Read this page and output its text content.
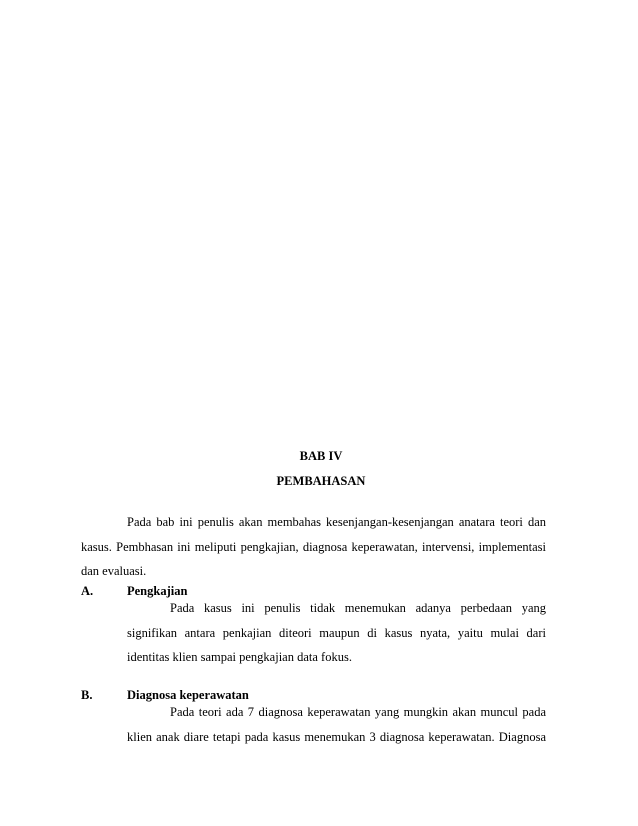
BAB IV
PEMBAHASAN

Pada bab ini penulis akan membahas kesenjangan-kesenjangan anatara teori dan kasus. Pembhasan ini meliputi pengkajian, diagnosa keperawatan, intervensi, implementasi dan evaluasi.

A.	Pengkajian

Pada kasus ini penulis tidak menemukan adanya perbedaan yang signifikan antara penkajian diteori maupun di kasus nyata, yaitu mulai dari identitas klien sampai pengkajian data fokus.

B.	Diagnosa keperawatan

Pada teori ada 7 diagnosa keperawatan yang mungkin akan muncul pada klien anak diare tetapi pada kasus menemukan 3 diagnosa keperawatan. Diagnosa
